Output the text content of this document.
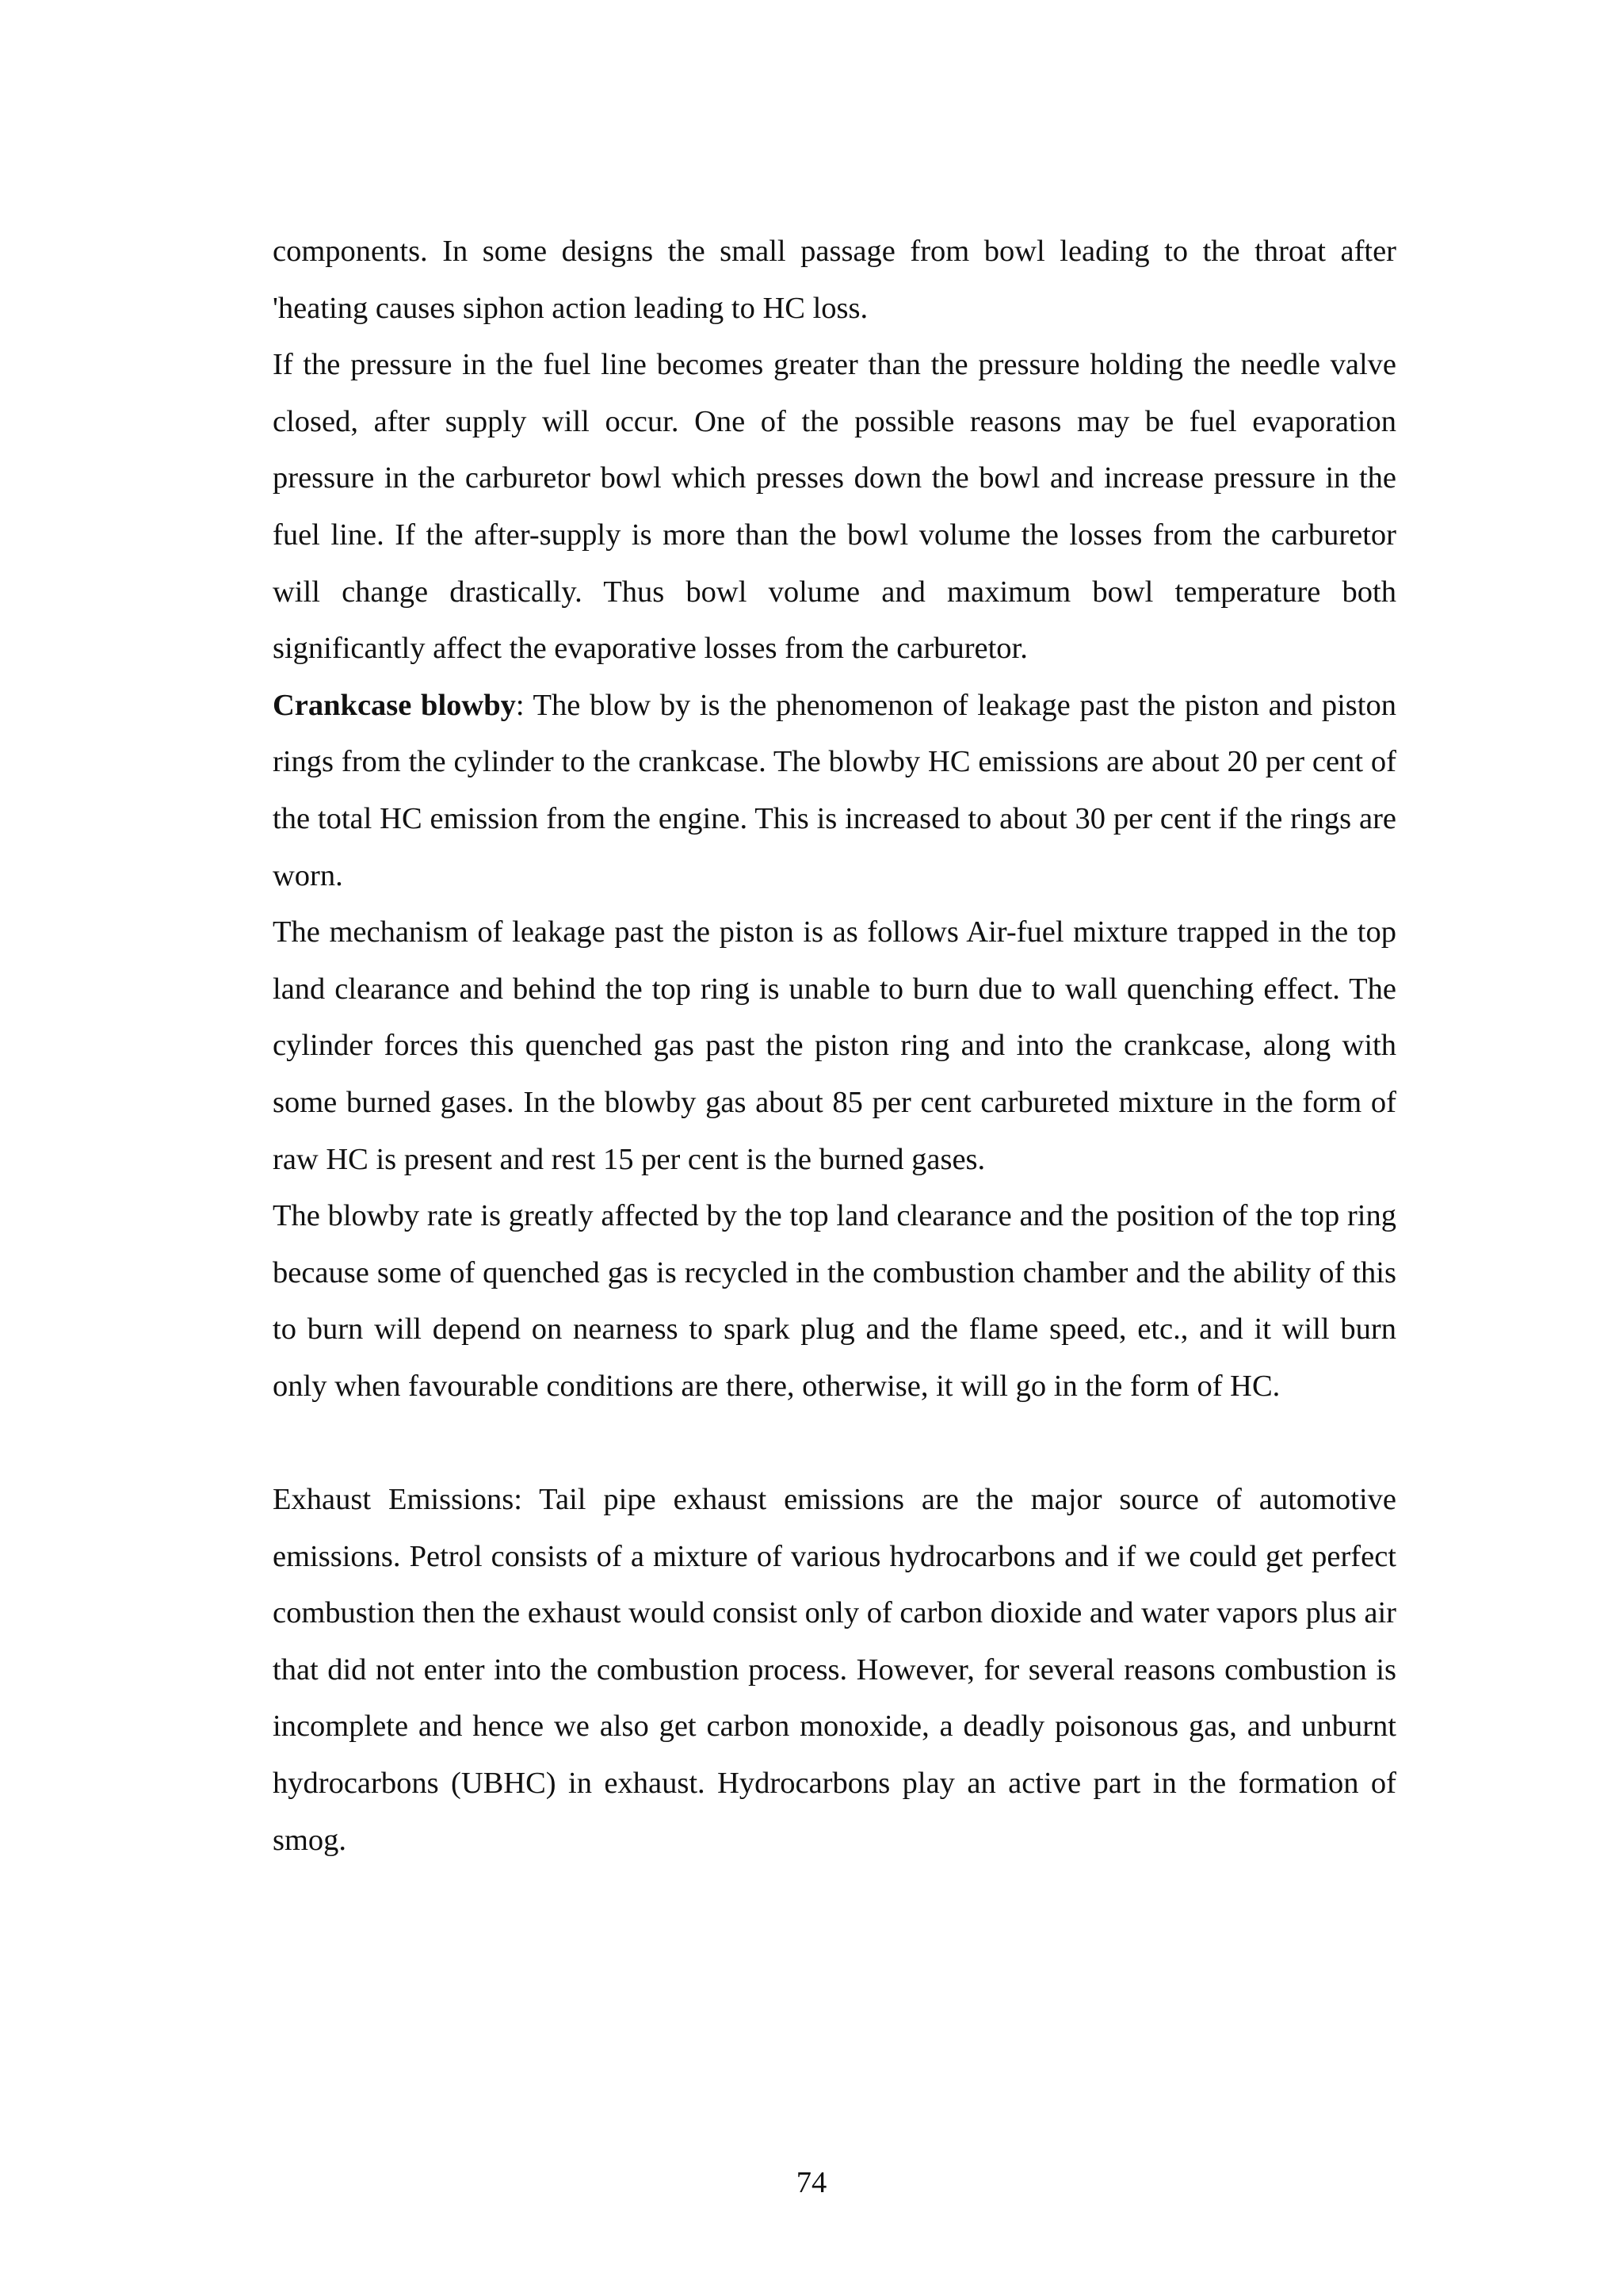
components. In some designs the small passage from bowl leading to the throat after 'heating causes siphon action leading to HC loss.

If the pressure in the fuel line becomes greater than the pressure holding the needle valve closed, after supply will occur. One of the possible reasons may be fuel evaporation pressure in the carburetor bowl which presses down the bowl and increase pressure in the fuel line. If the after-supply is more than the bowl volume the losses from the carburetor will change drastically. Thus bowl volume and maximum bowl temperature both significantly affect the evaporative losses from the carburetor.

Crankcase blowby: The blow by is the phenomenon of leakage past the piston and piston rings from the cylinder to the crankcase. The blowby HC emissions are about 20 per cent of the total HC emission from the engine. This is increased to about 30 per cent if the rings are worn.

The mechanism of leakage past the piston is as follows Air-fuel mixture trapped in the top land clearance and behind the top ring is unable to burn due to wall quenching effect. The cylinder forces this quenched gas past the piston ring and into the crankcase, along with some burned gases. In the blowby gas about 85 per cent carbureted mixture in the form of raw HC is present and rest 15 per cent is the burned gases.

The blowby rate is greatly affected by the top land clearance and the position of the top ring because some of quenched gas is recycled in the combustion chamber and the ability of this to burn will depend on nearness to spark plug and the flame speed, etc., and it will burn only when favourable conditions are there, otherwise, it will go in the form of HC.

Exhaust Emissions: Tail pipe exhaust emissions are the major source of automotive emissions. Petrol consists of a mixture of various hydrocarbons and if we could get perfect combustion then the exhaust would consist only of carbon dioxide and water vapors plus air that did not enter into the combustion process. However, for several reasons combustion is incomplete and hence we also get carbon monoxide, a deadly poisonous gas, and unburnt hydrocarbons (UBHC) in exhaust. Hydrocarbons play an active part in the formation of smog.

74
